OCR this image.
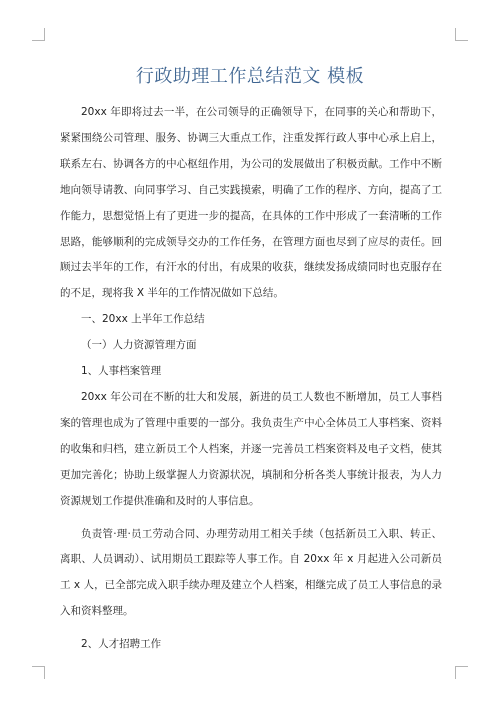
行政助理工作总结范文 模板

20xx 年即将过去一半，在公司领导的正确领导下，在同事的关心和帮助下，紧紧围绕公司管理、服务、协调三大重点工作，注重发挥行政人事中心承上启上，联系左右、协调各方的中心枢纽作用，为公司的发展做出了积极贡献。工作中不断地向领导请教、向同事学习、自己实践摸索，明确了工作的程序、方向，提高了工作能力，思想觉悟上有了更进一步的提高，在具体的工作中形成了一套清晰的工作思路，能够顺利的完成领导交办的工作任务，在管理方面也尽到了应尽的责任。回顾过去半年的工作，有汗水的付出，有成果的收获，继续发扬成绩同时也克服存在的不足，现将我 X 半年的工作情况做如下总结。

一、20xx 上半年工作总结

（一）人力资源管理方面

1、人事档案管理

20xx 年公司在不断的壮大和发展，新进的员工人数也不断增加，员工人事档案的管理也成为了管理中重要的一部分。我负责生产中心全体员工人事档案、资料的收集和归档，建立新员工个人档案，并逐一完善员工档案资料及电子文档，使其更加完善化；协助上级掌握人力资源状况，填制和分析各类人事统计报表，为人力资源规划工作提供准确和及时的人事信息。

负责管·理·员工劳动合同、办理劳动用工相关手续（包括新员工入职、转正、离职、人员调动）、试用期员工跟踪等人事工作。自 20xx 年 x 月起进入公司新员工 x 人，已全部完成入职手续办理及建立个人档案，相继完成了员工人事信息的录入和资料整理。

2、人才招聘工作
